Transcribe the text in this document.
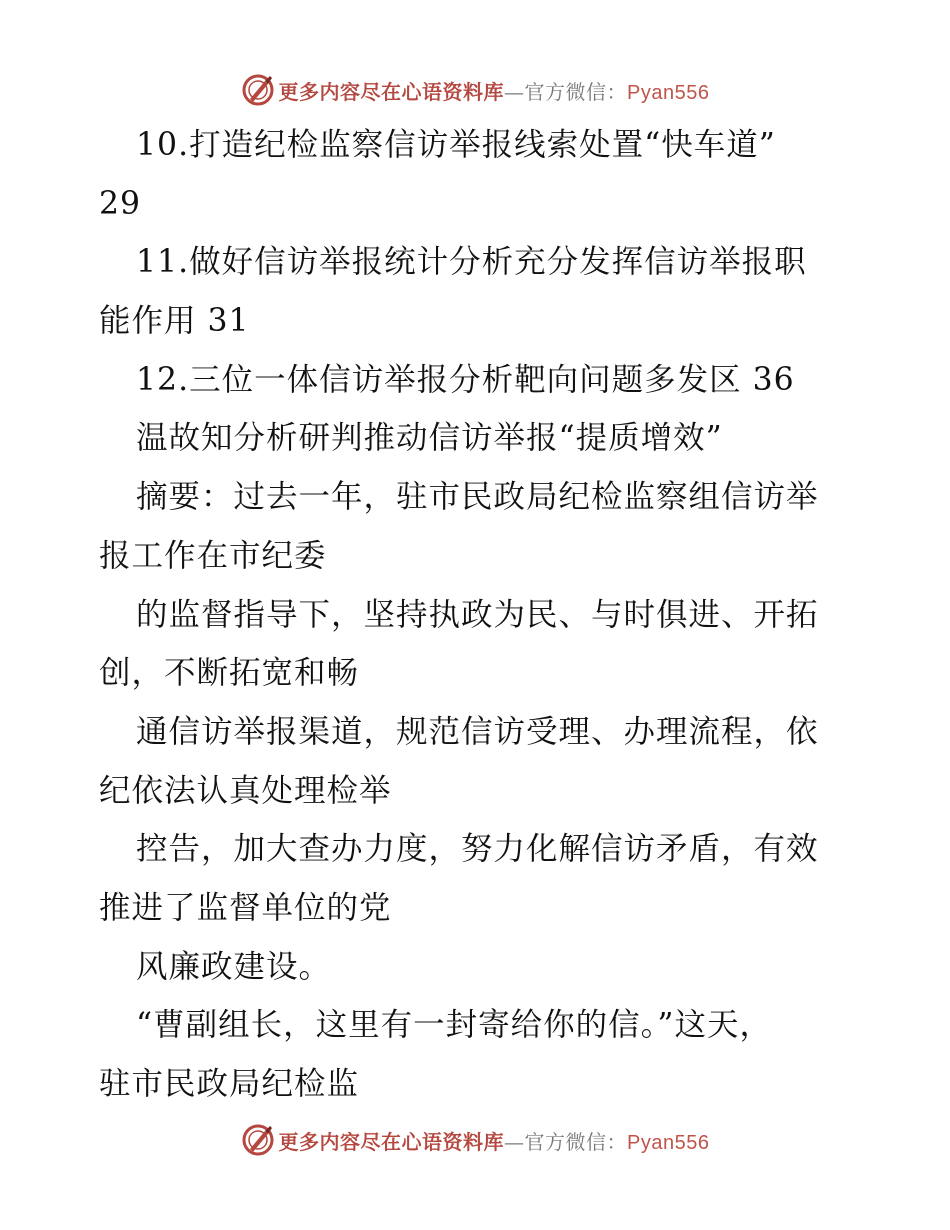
更多内容尽在心语资料库—官方微信：Pyan556
10.打造纪检监察信访举报线索处置“快车道”
29
11.做好信访举报统计分析充分发挥信访举报职
能作用 31
12.三位一体信访举报分析靶向问题多发区 36
温故知分析研判推动信访举报“提质增效”
摘要：过去一年，驻市民政局纪检监察组信访举
报工作在市纪委
的监督指导下，坚持执政为民、与时俱进、开拓
创，不断拓宽和畅
通信访举报渠道，规范信访受理、办理流程，依
纪依法认真处理检举
控告，加大查办力度，努力化解信访矛盾，有效
推进了监督单位的党
风廉政建设。
“曹副组长，这里有一封寄给你的信。”这天，
驻市民政局纪检监
更多内容尽在心语资料库—官方微信：Pyan556
